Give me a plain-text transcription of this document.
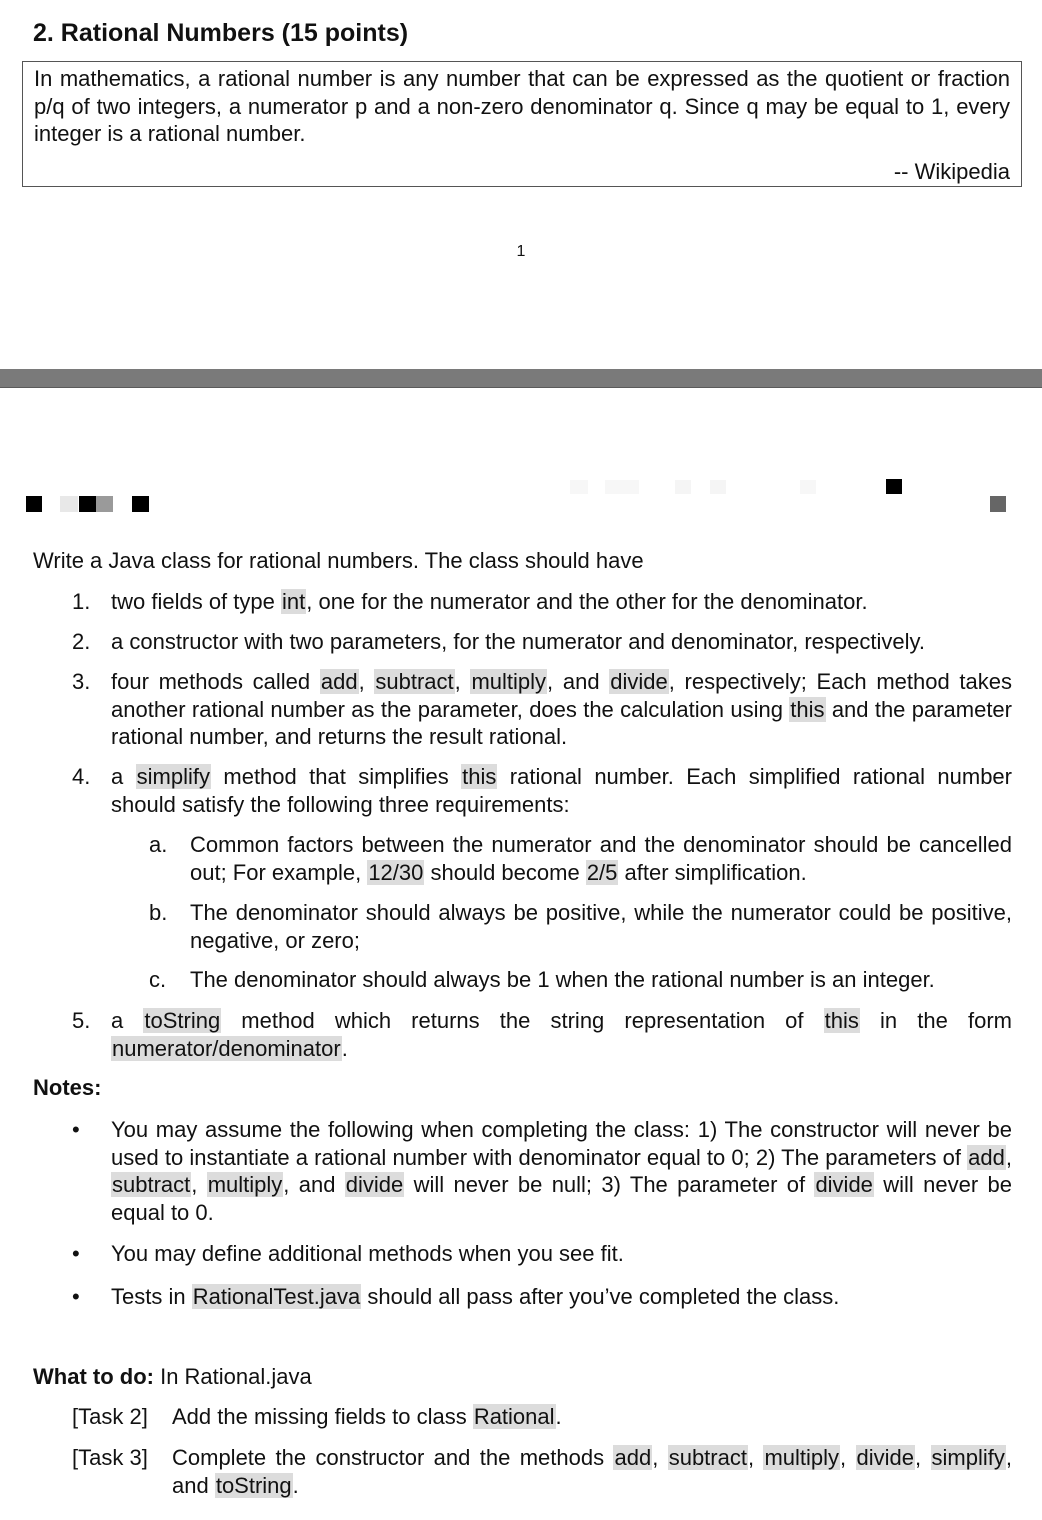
2. Rational Numbers (15 points)

In mathematics, a rational number is any number that can be expressed as the quotient or fraction p/q of two integers, a numerator p and a non-zero denominator q. Since q may be equal to 1, every integer is a rational number.

-- Wikipedia
1
Write a Java class for rational numbers. The class should have
1. two fields of type int, one for the numerator and the other for the denominator.
2. a constructor with two parameters, for the numerator and denominator, respectively.
3. four methods called add, subtract, multiply, and divide, respectively; Each method takes another rational number as the parameter, does the calculation using this and the parameter rational number, and returns the result rational.
4. a simplify method that simplifies this rational number. Each simplified rational number should satisfy the following three requirements:
a. Common factors between the numerator and the denominator should be cancelled out; For example, 12/30 should become 2/5 after simplification.
b. The denominator should always be positive, while the numerator could be positive, negative, or zero;
c. The denominator should always be 1 when the rational number is an integer.
5. a toString method which returns the string representation of this in the form numerator/denominator.
Notes:
• You may assume the following when completing the class: 1) The constructor will never be used to instantiate a rational number with denominator equal to 0; 2) The parameters of add, subtract, multiply, and divide will never be null; 3) The parameter of divide will never be equal to 0.
• You may define additional methods when you see fit.
• Tests in RationalTest.java should all pass after you’ve completed the class.
What to do: In Rational.java
[Task 2] Add the missing fields to class Rational.
[Task 3] Complete the constructor and the methods add, subtract, multiply, divide, simplify, and toString.
